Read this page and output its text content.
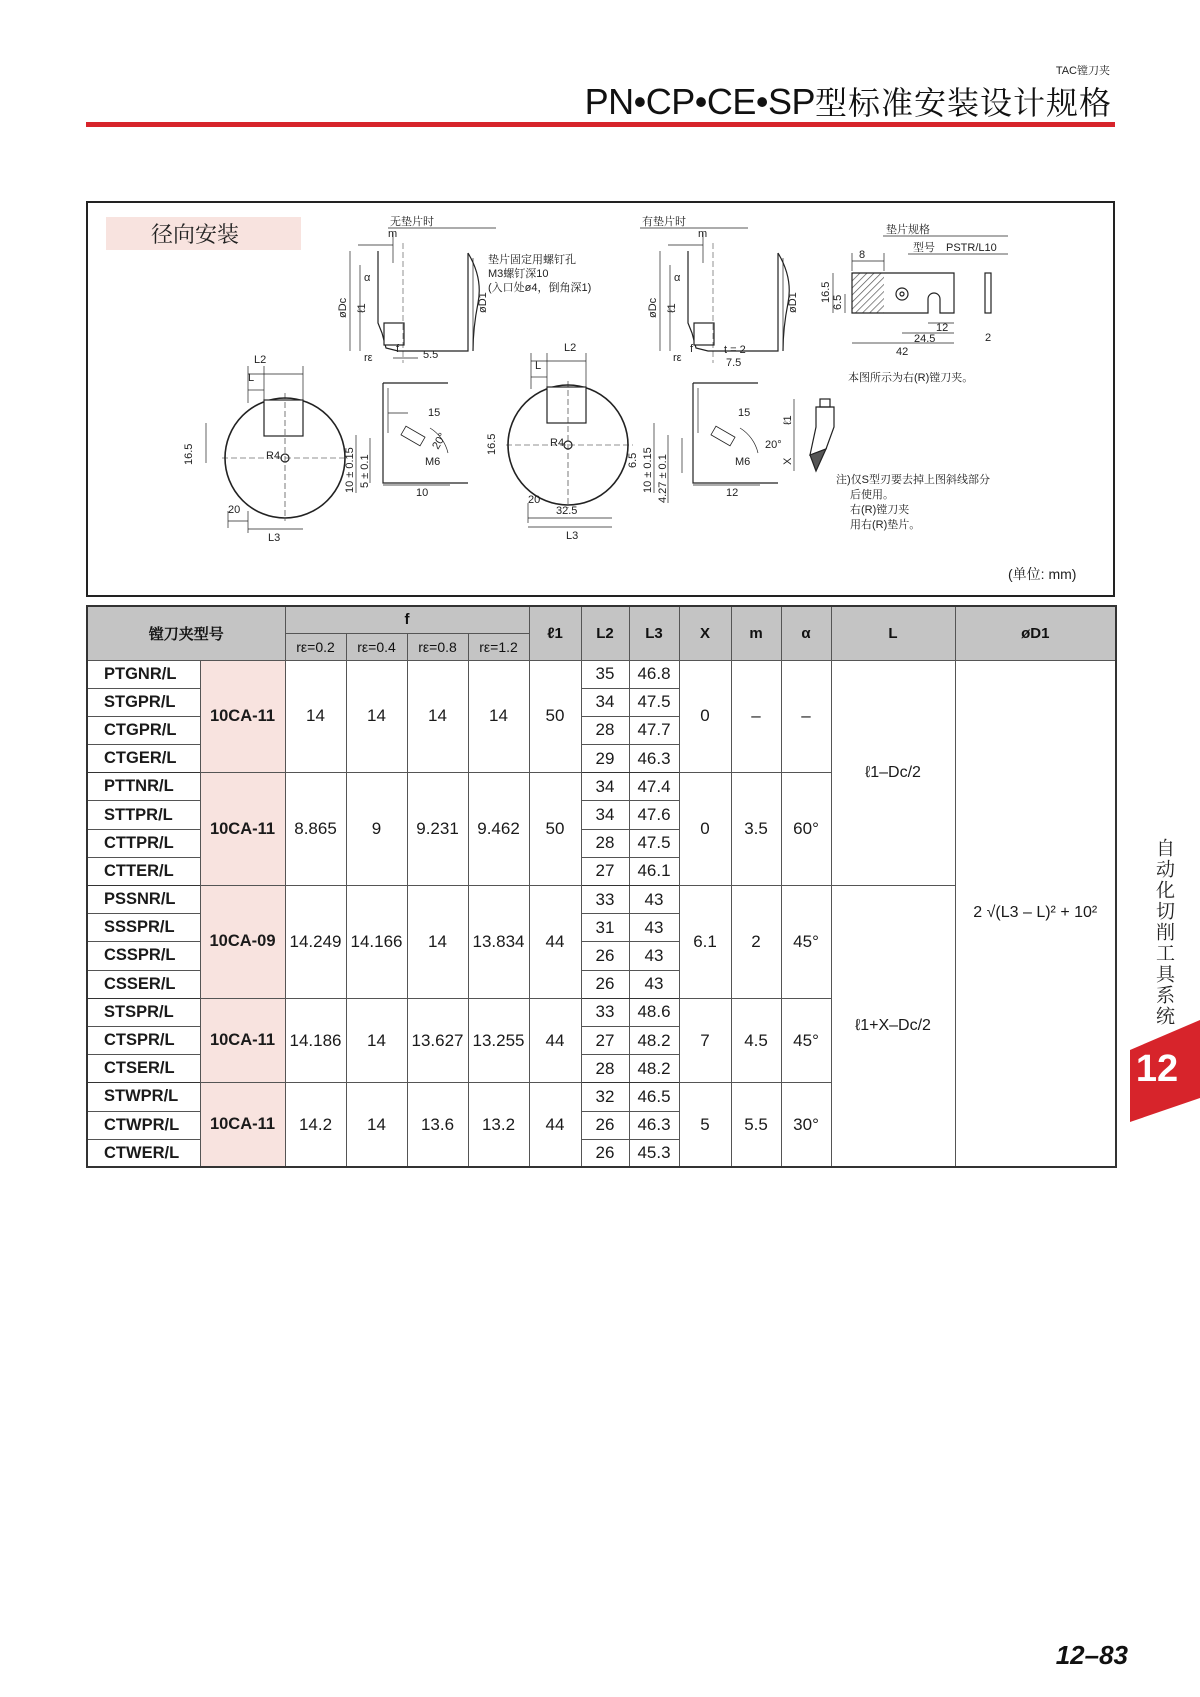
TAC镗刀夹
PN•CP•CE•SP型标准安装设计规格
径向安装
L2
L
R4
16.5
20
L3
无垫片时
m
α
øDc ℓ1	øD1
f
rε	5.5
15
20°
M6
10 ± 0.15 5 ± 0.1
10
垫片固定用螺钉孔
M3螺钉深10
(入口处ø4，倒角深1)
L2
L
R4
16.5
20
32.5
L3
有垫片时
m
α
øDc ℓ1	øD1
f
rε
t = 2
7.5
15
M6
6.5 10 ± 0.15 4.27 ± 0.1	12
垫片规格
型号 PSTR/L10
8
16.5 6.5
12
24.5
42
2
本图所示为右(R)镗刀夹。
ℓ1
X
20°
注)仅S型刃要去掉上图斜线部分
后使用。
右(R)镗刀夹
用右(R)垫片。
(单位: mm)
镗刀夹型号		f				ℓ1	L2	L3	X	m	α	L	øD1
		rε=0.2	rε=0.4	rε=0.8	rε=1.2								
PTGNR/L	10CA-11	14	14	14	14	50	35	46.8	0	–	–	ℓ1–Dc/2	2 √(L3 – L)² + 10²
STGPR/L							34	47.5					
CTGPR/L							28	47.7					
CTGER/L							29	46.3					
PTTNR/L	10CA-11	8.865	9	9.231	9.462	50	34	47.4	0	3.5	60°		
STTPR/L							34	47.6					
CTTPR/L							28	47.5					
CTTER/L							27	46.1					
PSSNR/L	10CA-09	14.249	14.166	14	13.834	44	33	43	6.1	2	45°	ℓ1+X–Dc/2	
SSSPR/L							31	43					
CSSPR/L							26	43					
CSSER/L							26	43					
STSPR/L	10CA-11	14.186	14	13.627	13.255	44	33	48.6	7	4.5	45°		
CTSPR/L							27	48.2					
CTSER/L							28	48.2					
STWPR/L	10CA-11	14.2	14	13.6	13.2	44	32	46.5	5	5.5	30°		
CTWPR/L							26	46.3					
CTWER/L							26	45.3					
自动化切削工具系统
12
12–83
